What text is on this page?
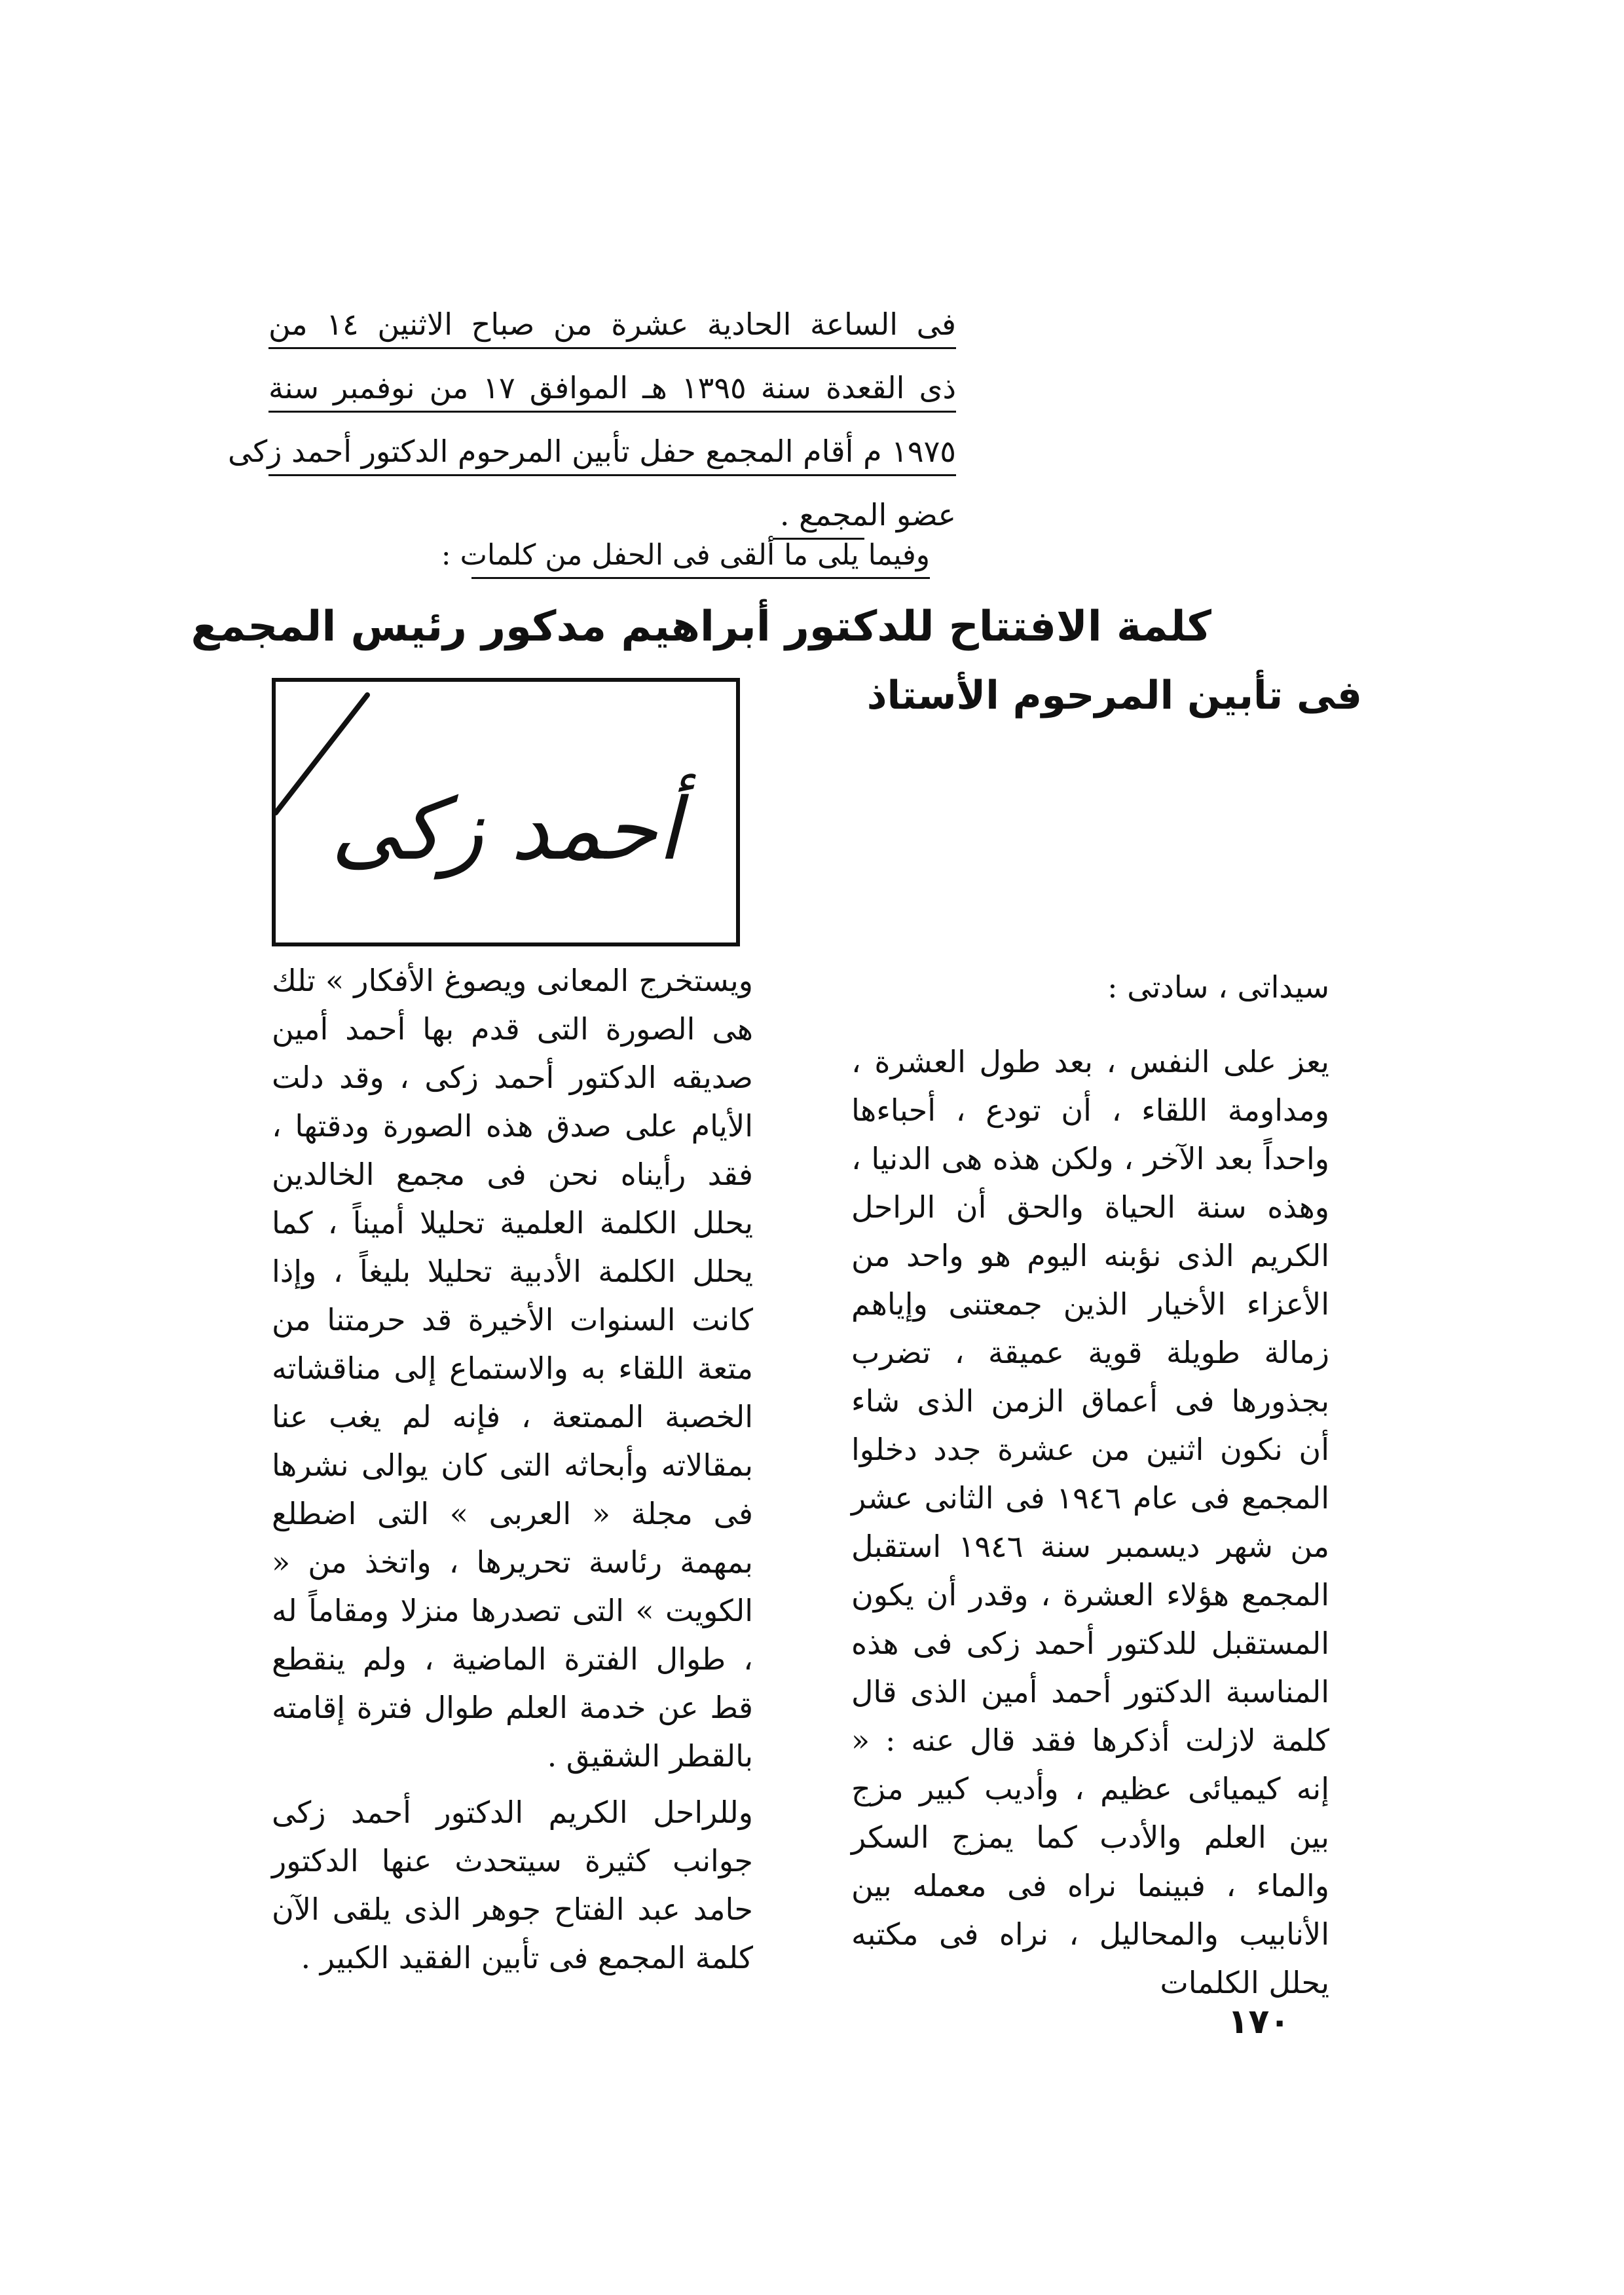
فى الساعة الحادية عشرة من صباح الاثنين ١٤ من
ذى القعدة سنة ١٣٩٥ هـ الموافق ١٧ من نوفمبر سنة
١٩٧٥ م أقام المجمع حفل تأبين المرحوم الدكتور أحمد زكى
عضو المجمع .
وفيما يلى ما ألقى فى الحفل من كلمات :
كلمة الافتتاح للدكتور أبراهيم مدكور رئيس المجمع
فى تأبين المرحوم الأستاذ
أحمد زكى

سيداتى ، سادتى :

يعز على النفس ، بعد طول العشرة ، ومداومة اللقاء ، أن تودع ، أحباءها واحداً بعد الآخر ، ولكن هذه هى الدنيا ، وهذه سنة الحياة والحق أن الراحل الكريم الذى نؤبنه اليوم هو واحد من الأعزاء الأخيار الذين جمعتنى وإياهم زمالة طويلة قوية عميقة ، تضرب بجذورها فى أعماق الزمن الذى شاء أن نكون اثنين من عشرة جدد دخلوا المجمع فى عام ١٩٤٦ فى الثانى عشر من شهر ديسمبر سنة ١٩٤٦ استقبل المجمع هؤلاء العشرة ، وقدر أن يكون المستقبل للدكتور أحمد زكى فى هذه المناسبة الدكتور أحمد أمين الذى قال كلمة لازلت أذكرها فقد قال عنه : « إنه كيميائى عظيم ، وأديب كبير مزج بين العلم والأدب كما يمزج السكر والماء ، فبينما نراه فى معمله بين الأنابيب والمحاليل ، نراه فى مكتبه يحلل الكلمات

ويستخرج المعانى ويصوغ الأفكار » تلك هى الصورة التى قدم بها أحمد أمين صديقه الدكتور أحمد زكى ، وقد دلت الأيام على صدق هذه الصورة ودقتها ، فقد رأيناه نحن فى مجمع الخالدين يحلل الكلمة العلمية تحليلا أميناً ، كما يحلل الكلمة الأدبية تحليلا بليغاً ، وإذا كانت السنوات الأخيرة قد حرمتنا من متعة اللقاء به والاستماع إلى مناقشاته الخصبة الممتعة ، فإنه لم يغب عنا بمقالاته وأبحاثه التى كان يوالى نشرها فى مجلة « العربى » التى اضطلع بمهمة رئاسة تحريرها ، واتخذ من « الكويت » التى تصدرها منزلا ومقاماً له ، طوال الفترة الماضية ، ولم ينقطع قط عن خدمة العلم طوال فترة إقامته بالقطر الشقيق .

وللراحل الكريم الدكتور أحمد زكى جوانب كثيرة سيتحدث عنها الدكتور حامد عبد الفتاح جوهر الذى يلقى الآن كلمة المجمع فى تأبين الفقيد الكبير .

١٧٠
